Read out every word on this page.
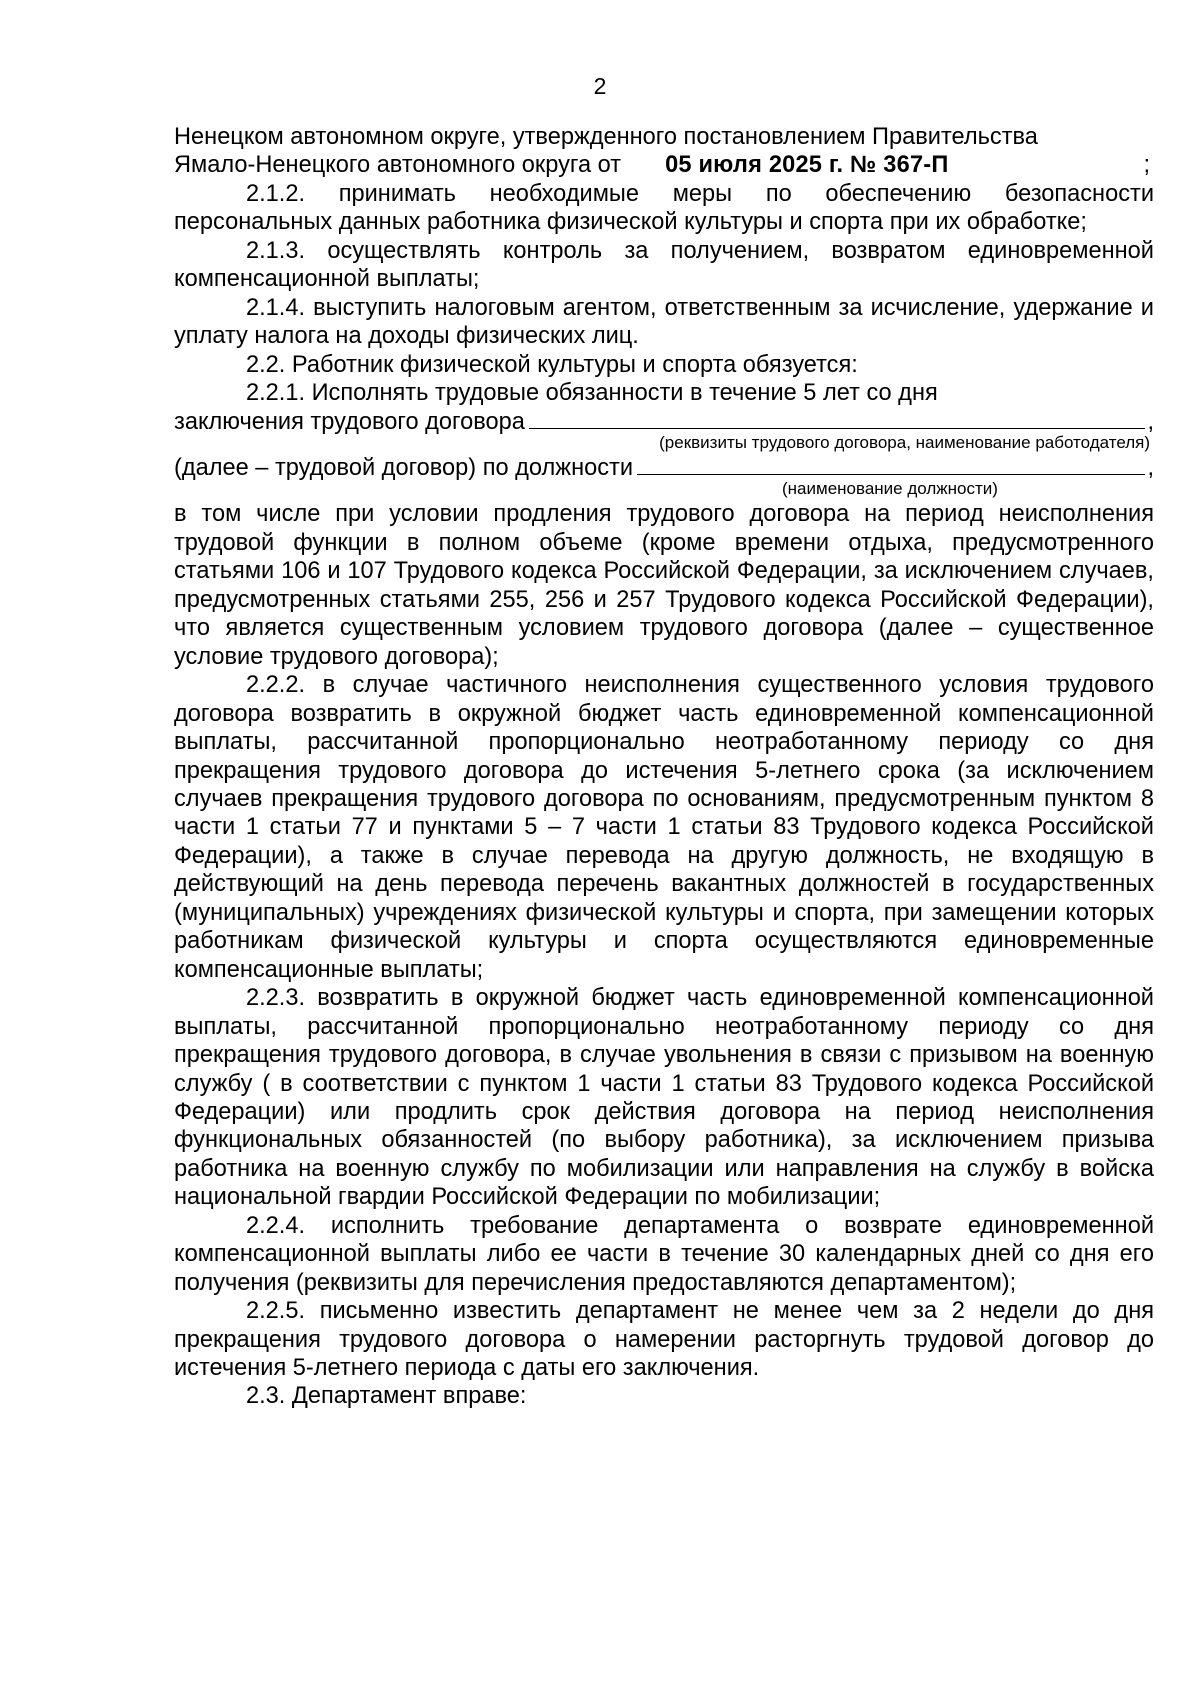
2

Ненецком автономном округе, утвержденного постановлением Правительства

Ямало-Ненецкого автономного округа от 05 июля 2025 г. № 367-П	;

2.1.2. принимать необходимые меры по обеспечению безопасности персональных данных работника физической культуры и спорта при их обработке;

2.1.3. осуществлять контроль за получением, возвратом единовременной компенсационной выплаты;

2.1.4. выступить налоговым агентом, ответственным за исчисление, удержание и уплату налога на доходы физических лиц.

2.2. Работник физической культуры и спорта обязуется:

2.2.1. Исполнять трудовые обязанности в течение 5 лет со дня

заключения трудового договора	,
(реквизиты трудового договора, наименование работодателя)
(далее – трудовой договор) по должности	,
(наименование должности)

в том числе при условии продления трудового договора на период неисполнения трудовой функции в полном объеме (кроме времени отдыха, предусмотренного статьями 106 и 107 Трудового кодекса Российской Федерации, за исключением случаев, предусмотренных статьями 255, 256 и 257 Трудового кодекса Российской Федерации), что является существенным условием трудового договора (далее – существенное условие трудового договора);

2.2.2. в случае частичного неисполнения существенного условия трудового договора возвратить в окружной бюджет часть единовременной компенсационной выплаты, рассчитанной пропорционально неотработанному периоду со дня прекращения трудового договора до истечения 5-летнего срока (за исключением случаев прекращения трудового договора по основаниям, предусмотренным пунктом 8 части 1 статьи 77 и пунктами 5 – 7 части 1 статьи 83 Трудового кодекса Российской Федерации), а также в случае перевода на другую должность, не входящую в действующий на день перевода перечень вакантных должностей в государственных (муниципальных) учреждениях физической культуры и спорта, при замещении которых работникам физической культуры и спорта осуществляются единовременные компенсационные выплаты;

2.2.3. возвратить в окружной бюджет часть единовременной компенсационной выплаты, рассчитанной пропорционально неотработанному периоду со дня прекращения трудового договора, в случае увольнения в связи с призывом на военную службу ( в соответствии с пунктом 1 части 1 статьи 83 Трудового кодекса Российской Федерации) или продлить срок действия договора на период неисполнения функциональных обязанностей (по выбору работника), за исключением призыва работника на военную службу по мобилизации или направления на службу в войска национальной гвардии Российской Федерации по мобилизации;

2.2.4. исполнить требование департамента о возврате единовременной компенсационной выплаты либо ее части в течение 30 календарных дней со дня его получения (реквизиты для перечисления предоставляются департаментом);

2.2.5. письменно известить департамент не менее чем за 2 недели до дня прекращения трудового договора о намерении расторгнуть трудовой договор до истечения 5-летнего периода с даты его заключения.

2.3. Департамент вправе:
